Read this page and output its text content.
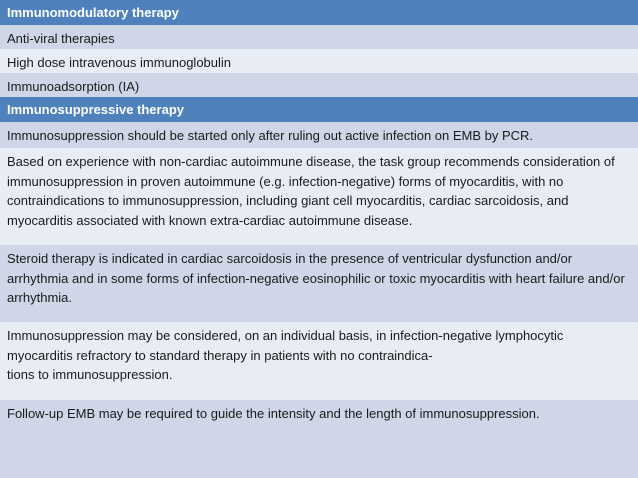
Immunomodulatory therapy
Anti-viral therapies
High dose intravenous immunoglobulin
Immunoadsorption (IA)
Immunosuppressive therapy
Immunosuppression should be started only after ruling out active infection on EMB by PCR.
Based on experience with non-cardiac autoimmune disease, the task group recommends consideration of immunosuppression in proven autoimmune (e.g. infection-negative) forms of myocarditis, with no contraindications to immunosuppression, including giant cell myocarditis, cardiac sarcoidosis, and myocarditis associated with known extra-cardiac autoimmune disease.
Steroid therapy is indicated in cardiac sarcoidosis in the presence of ventricular dysfunction and/or arrhythmia and in some forms of infection-negative eosinophilic or toxic myocarditis with heart failure and/or arrhythmia.
Immunosuppression may be considered, on an individual basis, in infection-negative lymphocytic myocarditis refractory to standard therapy in patients with no contraindica-
tions to immunosuppression.
Follow-up EMB may be required to guide the intensity and the length of immunosuppression.
